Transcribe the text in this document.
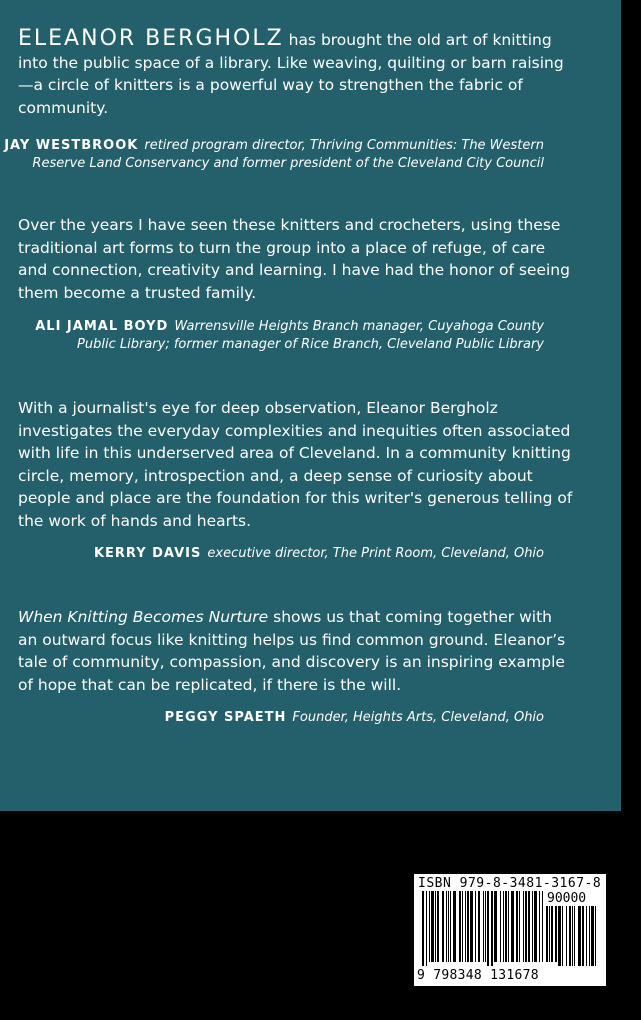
ELEANOR BERGHOLZ has brought the old art of knitting into the public space of a library. Like weaving, quilting or barn raising—a circle of knitters is a powerful way to strengthen the fabric of community.
JAY WESTBROOK retired program director, Thriving Communities: The Western Reserve Land Conservancy and former president of the Cleveland City Council
Over the years I have seen these knitters and crocheters, using these traditional art forms to turn the group into a place of refuge, of care and connection, creativity and learning. I have had the honor of seeing them become a trusted family.
ALI JAMAL BOYD Warrensville Heights Branch manager, Cuyahoga County Public Library; former manager of Rice Branch, Cleveland Public Library
With a journalist's eye for deep observation, Eleanor Bergholz investigates the everyday complexities and inequities often associated with life in this underserved area of Cleveland. In a community knitting circle, memory, introspection and, a deep sense of curiosity about people and place are the foundation for this writer's generous telling of the work of hands and hearts.
KERRY DAVIS executive director, The Print Room, Cleveland, Ohio
When Knitting Becomes Nurture shows us that coming together with an outward focus like knitting helps us find common ground. Eleanor’s tale of community, compassion, and discovery is an inspiring example of hope that can be replicated, if there is the will.
PEGGY SPAETH Founder, Heights Arts, Cleveland, Ohio
ISBN 979-8-3481-3167-8
90000
9 798348 131678
